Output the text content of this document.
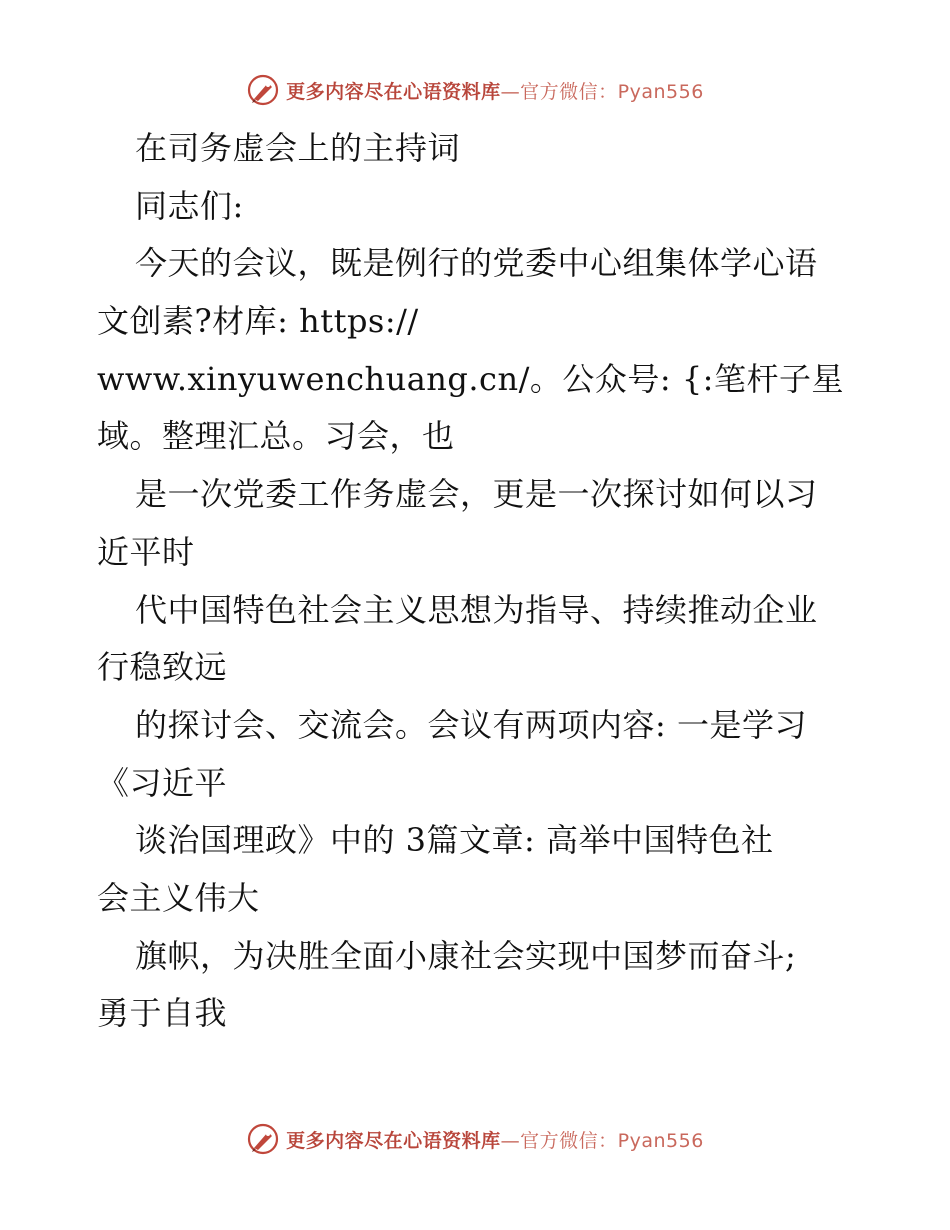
更多内容尽在心语资料库—官方微信：Pyan556
在司务虚会上的主持词
同志们:
今天的会议，既是例行的党委中心组集体学心语
文创素?材库: https://
www.xinyuwenchuang.cn/。公众号: {:笔杆子星
域。整理汇总。习会，也
是一次党委工作务虚会，更是一次探讨如何以习
近平时
代中国特色社会主义思想为指导、持续推动企业
行稳致远
的探讨会、交流会。会议有两项内容: 一是学习
《习近平
谈治国理政》中的 3篇文章: 高举中国特色社
会主义伟大
旗帜，为决胜全面小康社会实现中国梦而奋斗;
勇于自我
更多内容尽在心语资料库—官方微信：Pyan556
